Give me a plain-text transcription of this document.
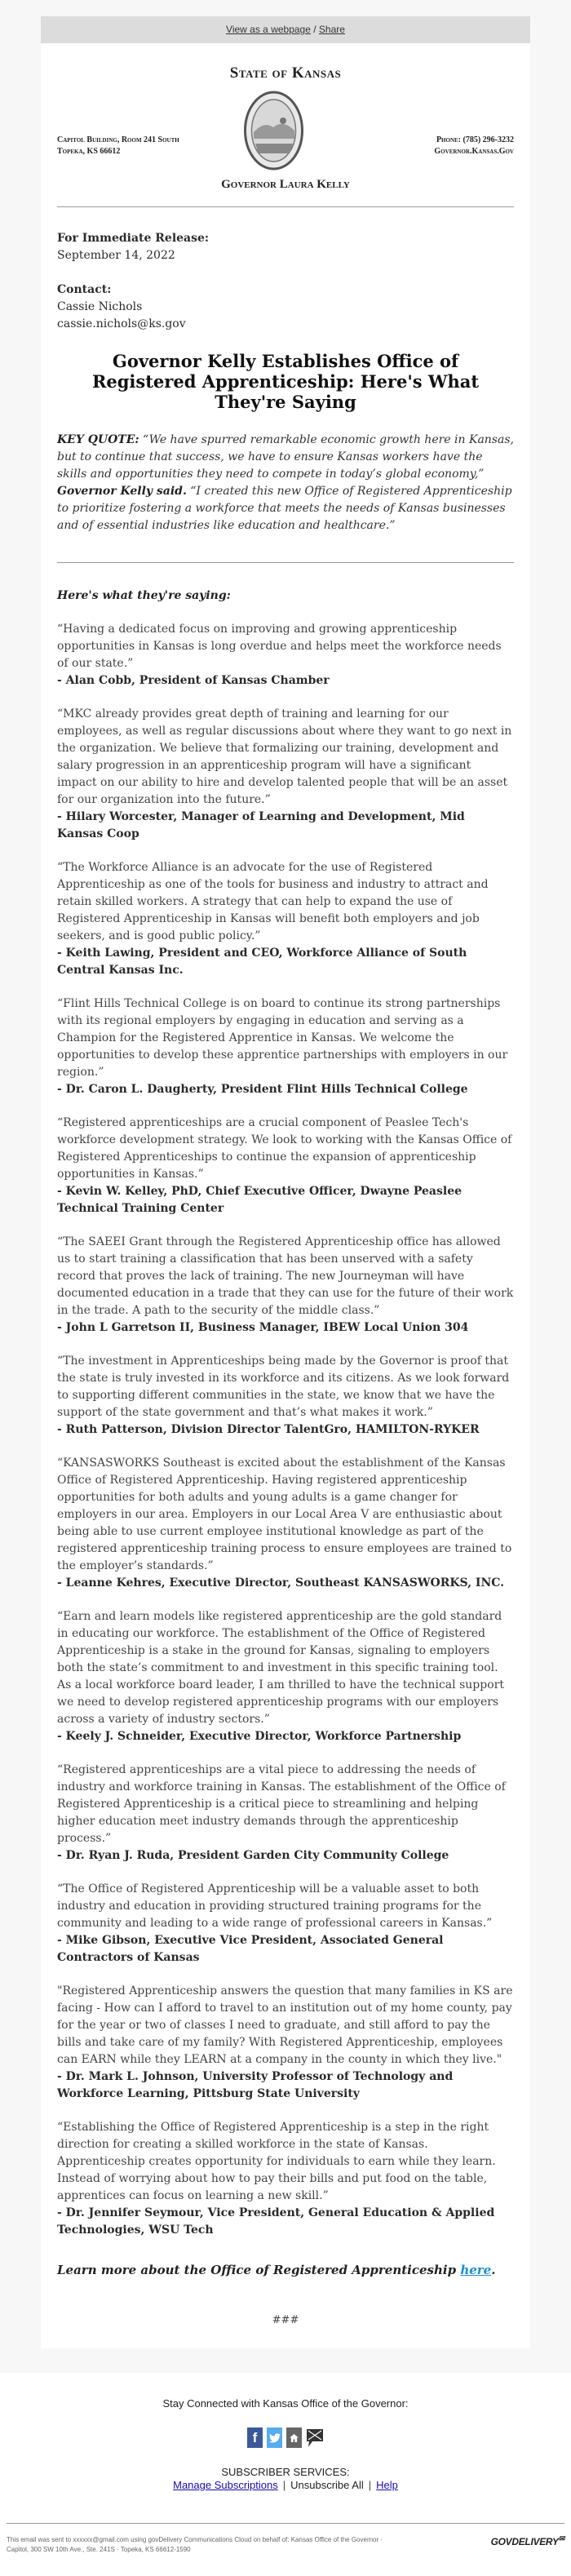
View as a webpage / Share
State of Kansas
Capitol Building, Room 241 South
Topeka, KS 66612
Phone: (785) 296-3232
Governor.Kansas.Gov
Governor Laura Kelly
For Immediate Release:
September 14, 2022
Contact:
Cassie Nichols
cassie.nichols@ks.gov
Governor Kelly Establishes Office of Registered Apprenticeship: Here's What They're Saying
KEY QUOTE: “We have spurred remarkable economic growth here in Kansas, but to continue that success, we have to ensure Kansas workers have the skills and opportunities they need to compete in today’s global economy,” Governor Kelly said. “I created this new Office of Registered Apprenticeship to prioritize fostering a workforce that meets the needs of Kansas businesses and of essential industries like education and healthcare.”
Here's what they're saying:
“Having a dedicated focus on improving and growing apprenticeship opportunities in Kansas is long overdue and helps meet the workforce needs of our state.”
- Alan Cobb, President of Kansas Chamber
“MKC already provides great depth of training and learning for our employees, as well as regular discussions about where they want to go next in the organization. We believe that formalizing our training, development and salary progression in an apprenticeship program will have a significant impact on our ability to hire and develop talented people that will be an asset for our organization into the future.”
- Hilary Worcester, Manager of Learning and Development, Mid Kansas Coop
“The Workforce Alliance is an advocate for the use of Registered Apprenticeship as one of the tools for business and industry to attract and retain skilled workers. A strategy that can help to expand the use of Registered Apprenticeship in Kansas will benefit both employers and job seekers, and is good public policy.”
- Keith Lawing, President and CEO, Workforce Alliance of South Central Kansas Inc.
“Flint Hills Technical College is on board to continue its strong partnerships with its regional employers by engaging in education and serving as a Champion for the Registered Apprentice in Kansas. We welcome the opportunities to develop these apprentice partnerships with employers in our region.”
- Dr. Caron L. Daugherty, President Flint Hills Technical College
“Registered apprenticeships are a crucial component of Peaslee Tech's workforce development strategy. We look to working with the Kansas Office of Registered Apprenticeships to continue the expansion of apprenticeship opportunities in Kansas.”
- Kevin W. Kelley, PhD, Chief Executive Officer, Dwayne Peaslee Technical Training Center
“The SAEEI Grant through the Registered Apprenticeship office has allowed us to start training a classification that has been unserved with a safety record that proves the lack of training. The new Journeyman will have documented education in a trade that they can use for the future of their work in the trade. A path to the security of the middle class.”
- John L Garretson II, Business Manager, IBEW Local Union 304
“The investment in Apprenticeships being made by the Governor is proof that the state is truly invested in its workforce and its citizens. As we look forward to supporting different communities in the state, we know that we have the support of the state government and that’s what makes it work.”
- Ruth Patterson, Division Director TalentGro, HAMILTON-RYKER
“KANSASWORKS Southeast is excited about the establishment of the Kansas Office of Registered Apprenticeship. Having registered apprenticeship opportunities for both adults and young adults is a game changer for employers in our area. Employers in our Local Area V are enthusiastic about being able to use current employee institutional knowledge as part of the registered apprenticeship training process to ensure employees are trained to the employer’s standards.”
- Leanne Kehres, Executive Director, Southeast KANSASWORKS, INC.
“Earn and learn models like registered apprenticeship are the gold standard in educating our workforce. The establishment of the Office of Registered Apprenticeship is a stake in the ground for Kansas, signaling to employers both the state’s commitment to and investment in this specific training tool. As a local workforce board leader, I am thrilled to have the technical support we need to develop registered apprenticeship programs with our employers across a variety of industry sectors.”
- Keely J. Schneider, Executive Director, Workforce Partnership
“Registered apprenticeships are a vital piece to addressing the needs of industry and workforce training in Kansas. The establishment of the Office of Registered Apprenticeship is a critical piece to streamlining and helping higher education meet industry demands through the apprenticeship process.”
- Dr. Ryan J. Ruda, President Garden City Community College
“The Office of Registered Apprenticeship will be a valuable asset to both industry and education in providing structured training programs for the community and leading to a wide range of professional careers in Kansas.”
- Mike Gibson, Executive Vice President, Associated General Contractors of Kansas
"Registered Apprenticeship answers the question that many families in KS are facing - How can I afford to travel to an institution out of my home county, pay for the year or two of classes I need to graduate, and still afford to pay the bills and take care of my family? With Registered Apprenticeship, employees can EARN while they LEARN at a company in the county in which they live."
- Dr. Mark L. Johnson, University Professor of Technology and Workforce Learning, Pittsburg State University
“Establishing the Office of Registered Apprenticeship is a step in the right direction for creating a skilled workforce in the state of Kansas. Apprenticeship creates opportunity for individuals to earn while they learn. Instead of worrying about how to pay their bills and put food on the table, apprentices can focus on learning a new skill.”
- Dr. Jennifer Seymour, Vice President, General Education & Applied Technologies, WSU Tech
Learn more about the Office of Registered Apprenticeship here.
###
Stay Connected with Kansas Office of the Governor:
f
SUBSCRIBER SERVICES:
Manage Subscriptions | Unsubscribe All | Help
This email was sent to xxxxxx@gmail.com using govDelivery Communications Cloud on behalf of: Kansas Office of the Governor ·
Capitol, 300 SW 10th Ave., Ste. 241S · Topeka, KS 66612-1590
GOVDELIVERY✉
